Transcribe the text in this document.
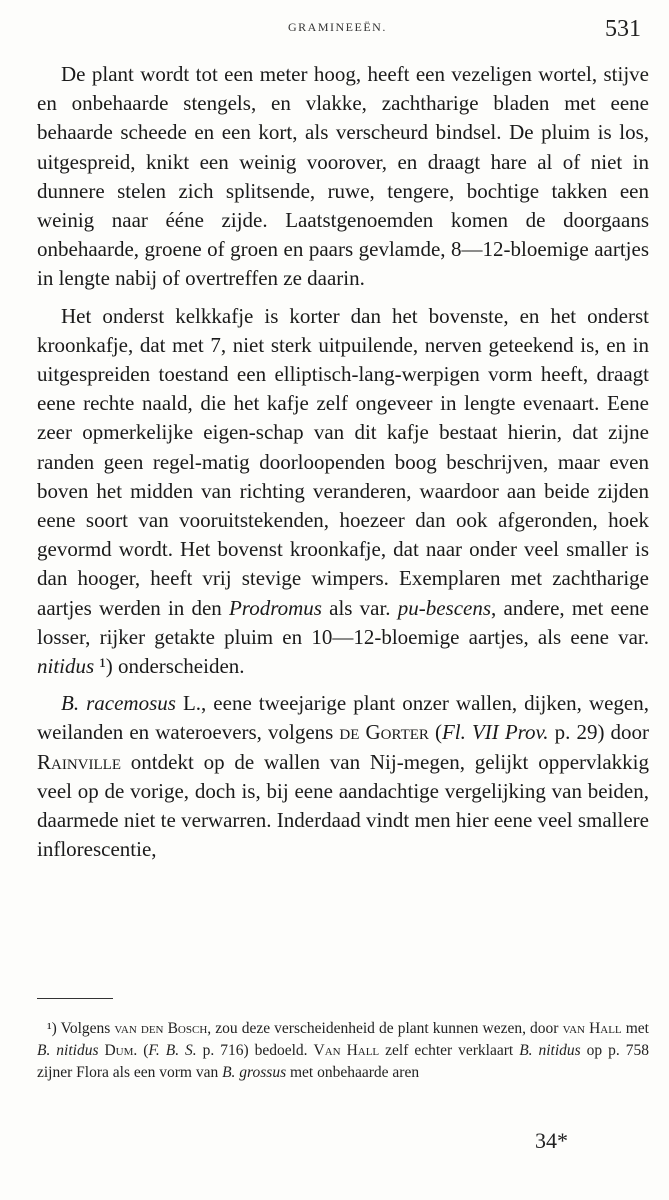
GRAMINEEËN.	531

De plant wordt tot een meter hoog, heeft een vezeligen wortel, stijve en onbehaarde stengels, en vlakke, zachtharige bladen met eene behaarde scheede en een kort, als verscheurd bindsel. De pluim is los, uitgespreid, knikt een weinig voorover, en draagt hare al of niet in dunnere stelen zich splitsende, ruwe, tengere, bochtige takken een weinig naar ééne zijde. Laatstgenoemden komen de doorgaans onbehaarde, groene of groen en paars gevlamde, 8—12-bloemige aartjes in lengte nabij of overtreffen ze daarin.

Het onderst kelkkafje is korter dan het bovenste, en het onderst kroonkafje, dat met 7, niet sterk uitpuilende, nerven geteekend is, en in uitgespreiden toestand een elliptisch-lang-werpigen vorm heeft, draagt eene rechte naald, die het kafje zelf ongeveer in lengte evenaart. Eene zeer opmerkelijke eigen-schap van dit kafje bestaat hierin, dat zijne randen geen regel-matig doorloopenden boog beschrijven, maar even boven het midden van richting veranderen, waardoor aan beide zijden eene soort van vooruitstekenden, hoezeer dan ook afgeronden, hoek gevormd wordt. Het bovenst kroonkafje, dat naar onder veel smaller is dan hooger, heeft vrij stevige wimpers. Exemplaren met zachtharige aartjes werden in den Prodromus als var. pu-bescens, andere, met eene losser, rijker getakte pluim en 10—12-bloemige aartjes, als eene var. nitidus ¹) onderscheiden.

B. racemosus L., eene tweejarige plant onzer wallen, dijken, wegen, weilanden en wateroevers, volgens de Gorter (Fl. VII Prov. p. 29) door Rainville ontdekt op de wallen van Nij-megen, gelijkt oppervlakkig veel op de vorige, doch is, bij eene aandachtige vergelijking van beiden, daarmede niet te verwarren. Inderdaad vindt men hier eene veel smallere inflorescentie,

¹) Volgens van den Bosch, zou deze verscheidenheid de plant kunnen wezen, door van Hall met B. nitidus Dum. (F. B. S. p. 716) bedoeld. Van Hall zelf echter verklaart B. nitidus op p. 758 zijner Flora als een vorm van B. grossus met onbehaarde aren

34*
